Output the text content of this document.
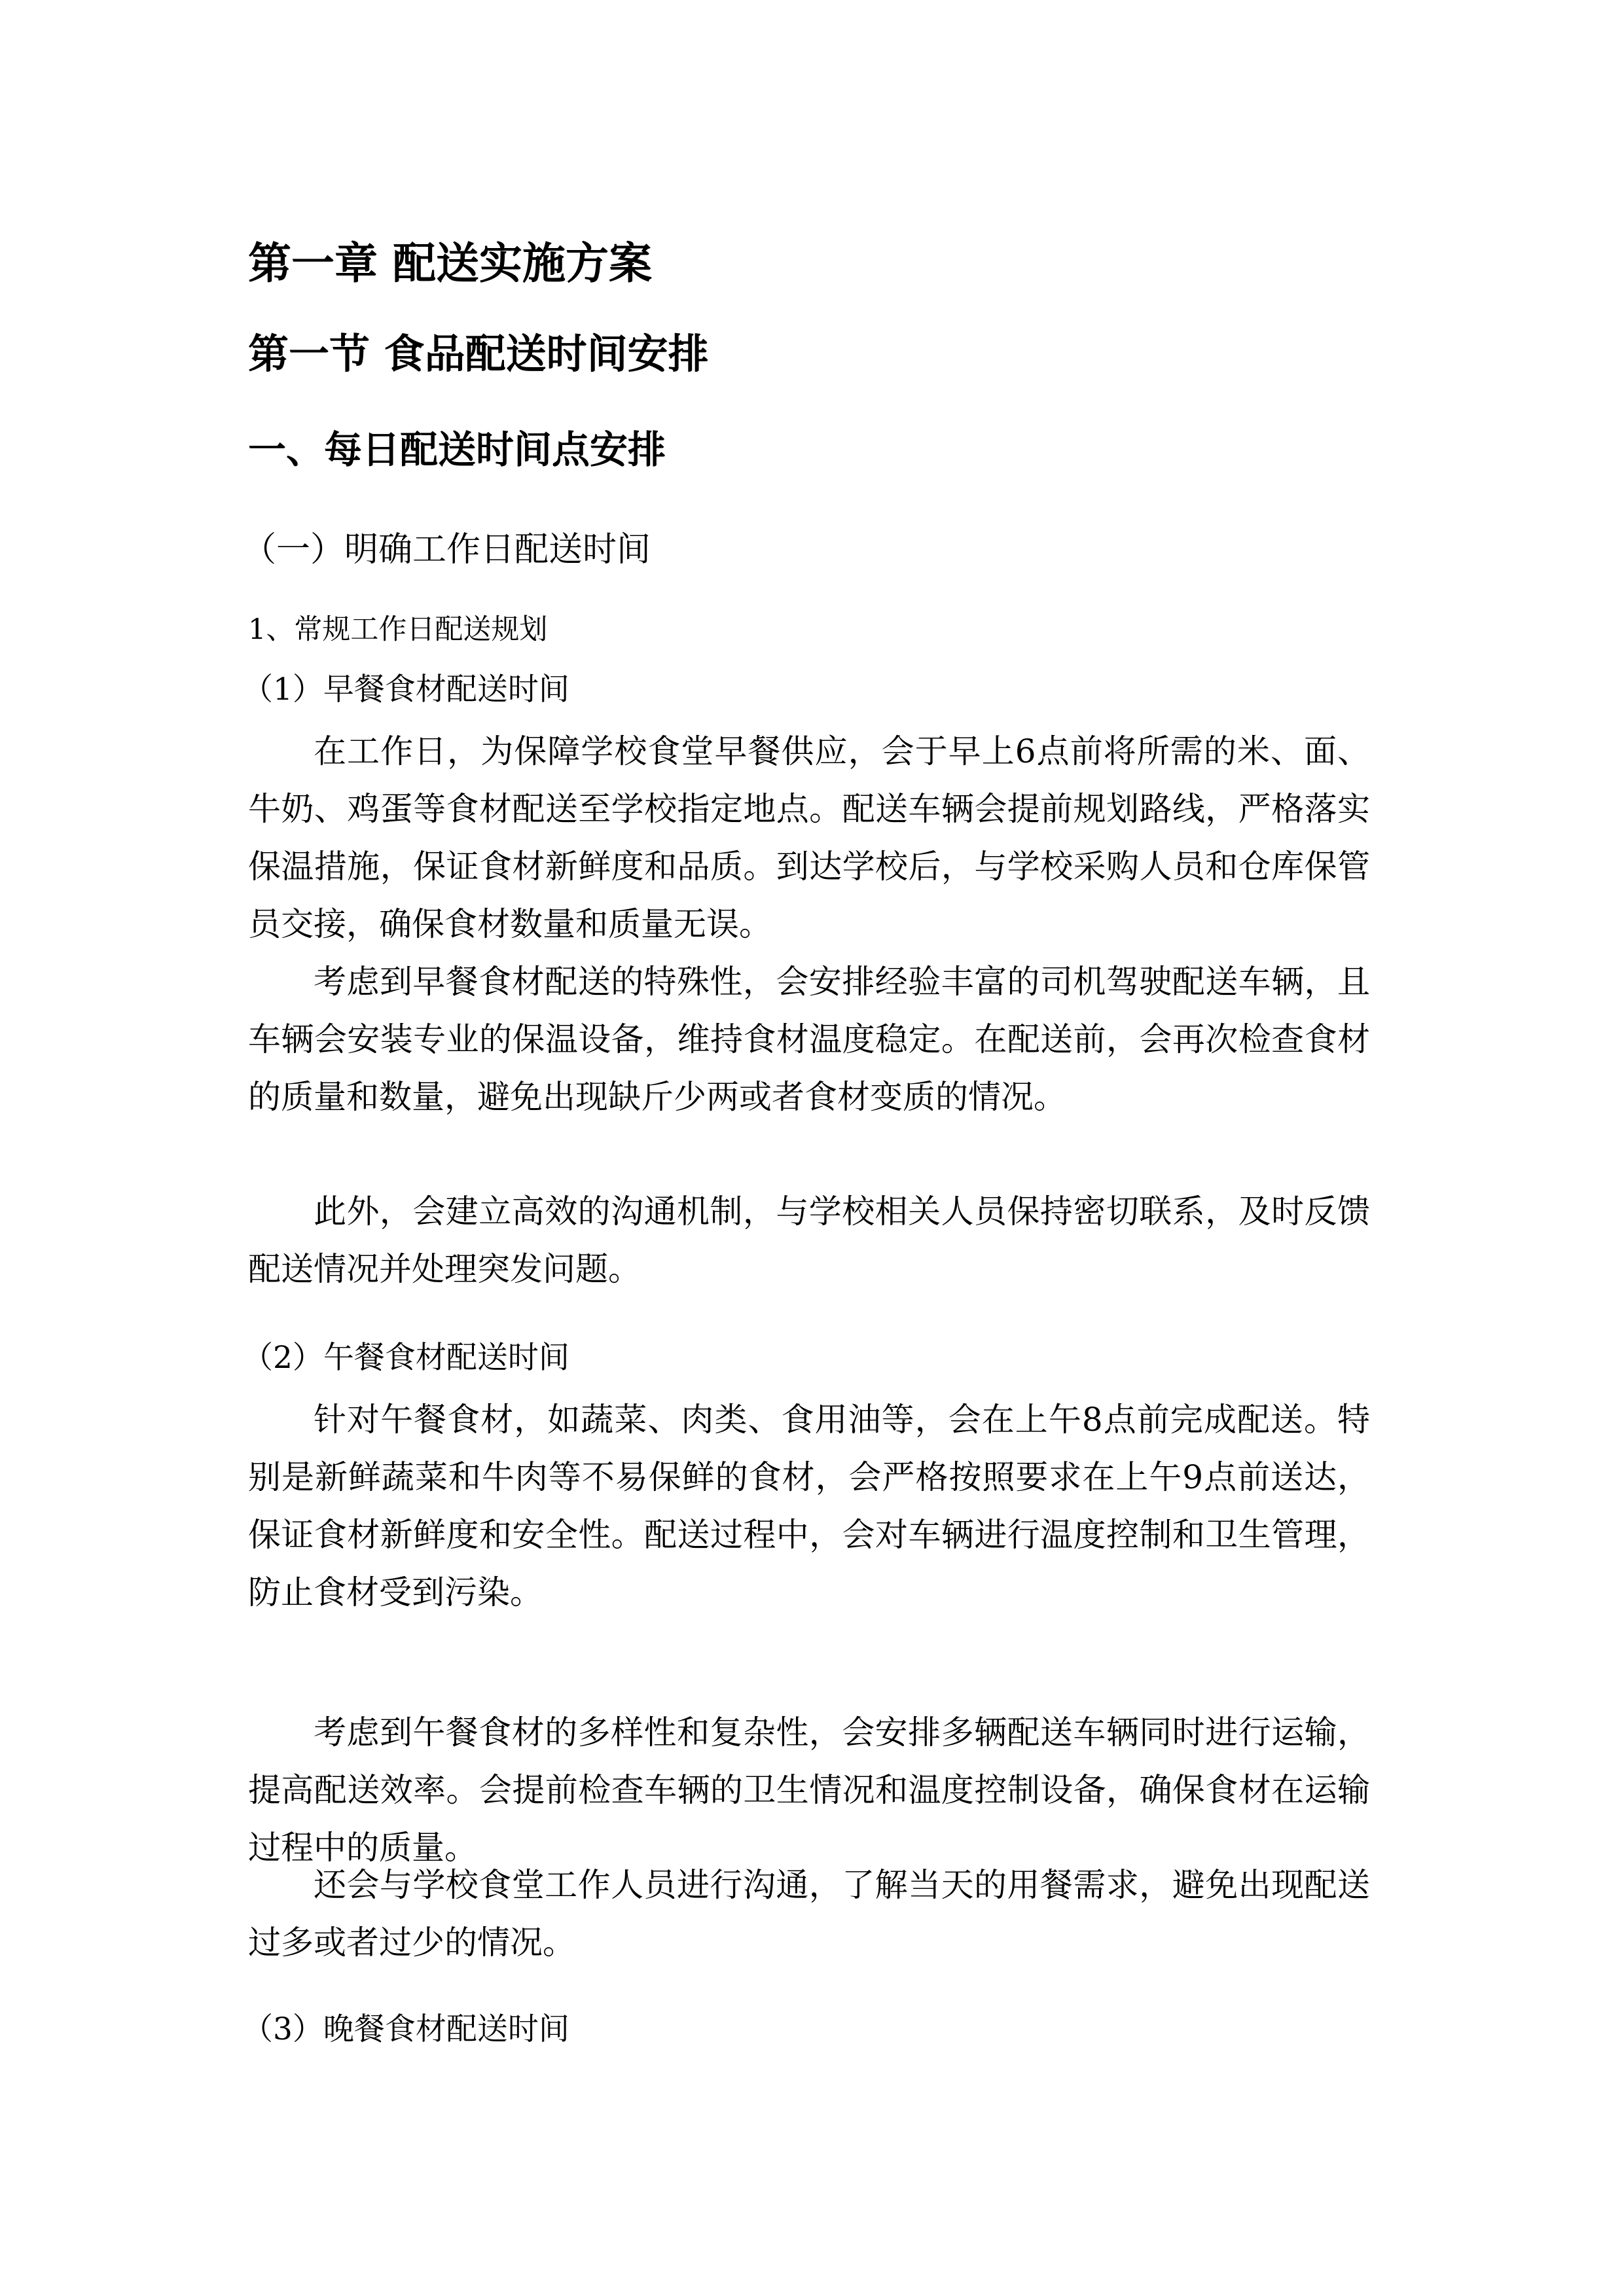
第一章 配送实施方案
第一节 食品配送时间安排
一、每日配送时间点安排
（一）明确工作日配送时间
1、常规工作日配送规划
（1）早餐食材配送时间

在工作日，为保障学校食堂早餐供应，会于早上6点前将所需的米、面、牛奶、鸡蛋等食材配送至学校指定地点。配送车辆会提前规划路线，严格落实保温措施，保证食材新鲜度和品质。到达学校后，与学校采购人员和仓库保管员交接，确保食材数量和质量无误。

考虑到早餐食材配送的特殊性，会安排经验丰富的司机驾驶配送车辆，且车辆会安装专业的保温设备，维持食材温度稳定。在配送前，会再次检查食材的质量和数量，避免出现缺斤少两或者食材变质的情况。

此外，会建立高效的沟通机制，与学校相关人员保持密切联系，及时反馈配送情况并处理突发问题。

（2）午餐食材配送时间

针对午餐食材，如蔬菜、肉类、食用油等，会在上午8点前完成配送。特别是新鲜蔬菜和牛肉等不易保鲜的食材，会严格按照要求在上午9点前送达，保证食材新鲜度和安全性。配送过程中，会对车辆进行温度控制和卫生管理，防止食材受到污染。

考虑到午餐食材的多样性和复杂性，会安排多辆配送车辆同时进行运输，提高配送效率。会提前检查车辆的卫生情况和温度控制设备，确保食材在运输过程中的质量。

还会与学校食堂工作人员进行沟通，了解当天的用餐需求，避免出现配送过多或者过少的情况。

（3）晚餐食材配送时间
